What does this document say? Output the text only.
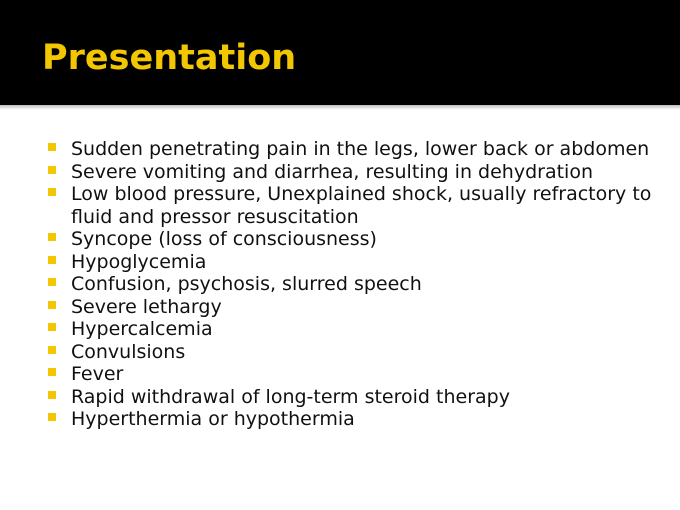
Presentation
Sudden penetrating pain in the legs, lower back or abdomen
Severe vomiting and diarrhea, resulting in dehydration
Low blood pressure, Unexplained shock, usually refractory to fluid and pressor resuscitation
Syncope (loss of consciousness)
Hypoglycemia
Confusion, psychosis, slurred speech
Severe lethargy
Hypercalcemia
Convulsions
Fever
Rapid withdrawal of long-term steroid therapy
Hyperthermia or hypothermia
